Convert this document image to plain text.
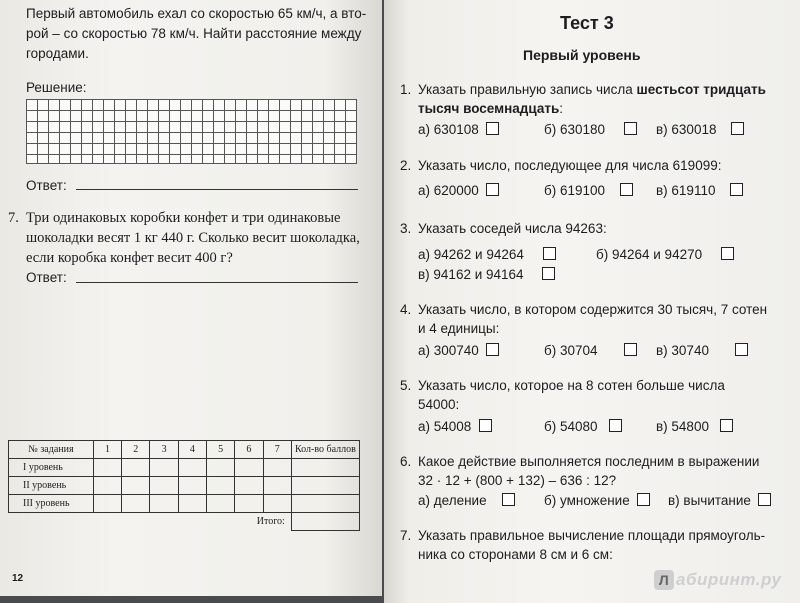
Первый автомобиль ехал со скоростью 65 км/ч, а вто-
рой – со скоростью 78 км/ч. Найти расстояние между
городами.
Решение:
Ответ:
7. Три одинаковых коробки конфет и три одинаковые
шоколадки весят 1 кг 440 г. Сколько весит шоколадка,
если коробка конфет весит 400 г?
Ответ:
№ задания	1	2	3	4	5	6	7	Кол-во баллов
I уровень								
II уровень								
III уровень								
Итого:								
12
Тест 3
Первый уровень
1. Указать правильную запись числа шестьсот тридцать
тысяч восемнадцать:
а) 630108	б) 630180	в) 630018
2. Указать число, последующее для числа 619099:
а) 620000	б) 619100	в) 619110
3. Указать соседей числа 94263:
а) 94262 и 94264	б) 94264 и 94270
в) 94162 и 94164
4. Указать число, в котором содержится 30 тысяч, 7 сотен
и 4 единицы:
а) 300740	б) 30704	в) 30740
5. Указать число, которое на 8 сотен больше числа
54000:
а) 54008	б) 54080	в) 54800
6. Какое действие выполняется последним в выражении
32 · 12 + (800 + 132) – 636 : 12?
а) деление	б) умножение	в) вычитание
7. Указать правильное вычисление площади прямоуголь-
ника со сторонами 8 см и 6 см:
Л абиринт.ру
